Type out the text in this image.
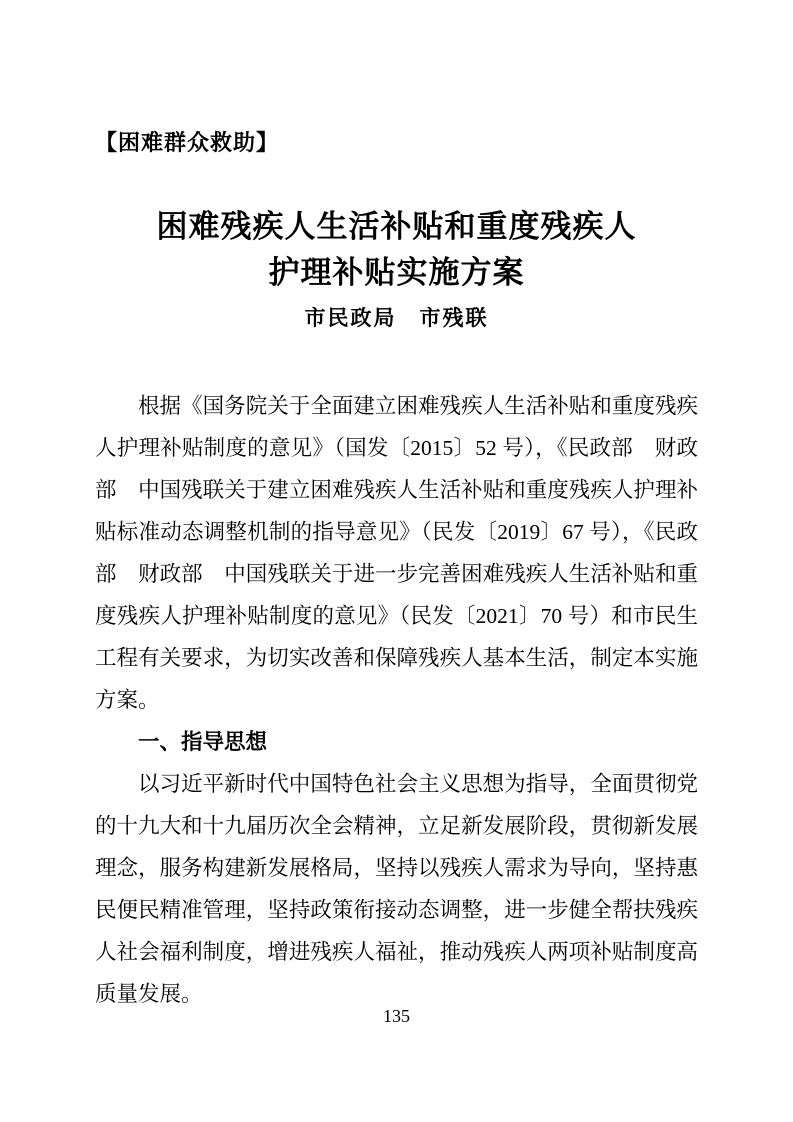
【困难群众救助】
困难残疾人生活补贴和重度残疾人
护理补贴实施方案
市民政局　市残联

根据《国务院关于全面建立困难残疾人生活补贴和重度残疾人护理补贴制度的意见》（国发〔2015〕52 号），《民政部　财政部　中国残联关于建立困难残疾人生活补贴和重度残疾人护理补贴标准动态调整机制的指导意见》（民发〔2019〕67 号），《民政部　财政部　中国残联关于进一步完善困难残疾人生活补贴和重度残疾人护理补贴制度的意见》（民发〔2021〕70 号）和市民生工程有关要求，为切实改善和保障残疾人基本生活，制定本实施方案。

一、指导思想

以习近平新时代中国特色社会主义思想为指导，全面贯彻党的十九大和十九届历次全会精神，立足新发展阶段，贯彻新发展理念，服务构建新发展格局，坚持以残疾人需求为导向，坚持惠民便民精准管理，坚持政策衔接动态调整，进一步健全帮扶残疾人社会福利制度，增进残疾人福祉，推动残疾人两项补贴制度高质量发展。

135
